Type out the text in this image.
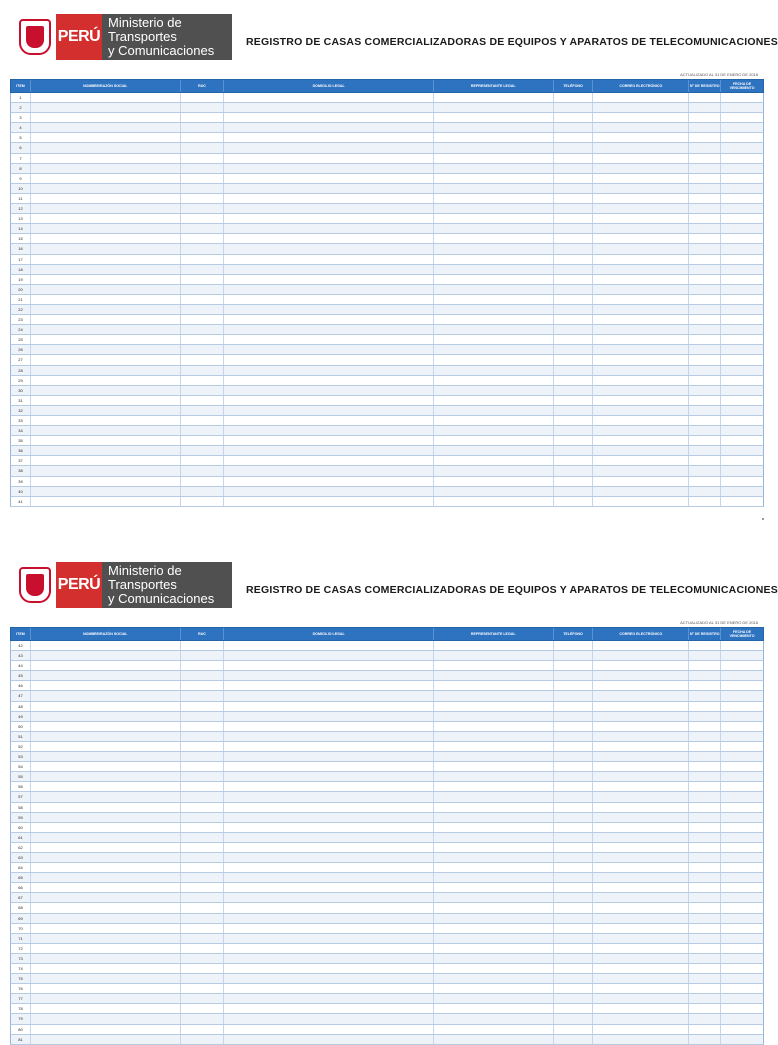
PERÚ
Ministerio de Transportes
y Comunicaciones
REGISTRO DE CASAS COMERCIALIZADORAS DE EQUIPOS Y APARATOS DE TELECOMUNICACIONES
ACTUALIZADO AL 31 DE ENERO DE 2018
ITEM	NOMBRE/RAZÓN SOCIAL	RUC	DOMICILIO LEGAL	REPRESENTANTE LEGAL	TELÉFONO	CORREO ELECTRÓNICO	Nº DE REGISTRO	FECHA DE VENCIMIENTO
1
2
3
4
5
6
7
8
9
10
11
12
13
14
15
16
17
18
19
20
21
22
23
24
25
26
27
28
29
30
31
32
33
34
35
36
37
38
39
40
41
PERÚ
Ministerio de Transportes
y Comunicaciones
REGISTRO DE CASAS COMERCIALIZADORAS DE EQUIPOS Y APARATOS DE TELECOMUNICACIONES
ACTUALIZADO AL 31 DE ENERO DE 2018
ITEM	NOMBRE/RAZÓN SOCIAL	RUC	DOMICILIO LEGAL	REPRESENTANTE LEGAL	TELÉFONO	CORREO ELECTRÓNICO	Nº DE REGISTRO	FECHA DE VENCIMIENTO
42
43
44
45
46
47
48
49
50
51
52
53
54
55
56
57
58
59
60
61
62
63
64
65
66
67
68
69
70
71
72
73
74
75
76
77
78
79
80
81
